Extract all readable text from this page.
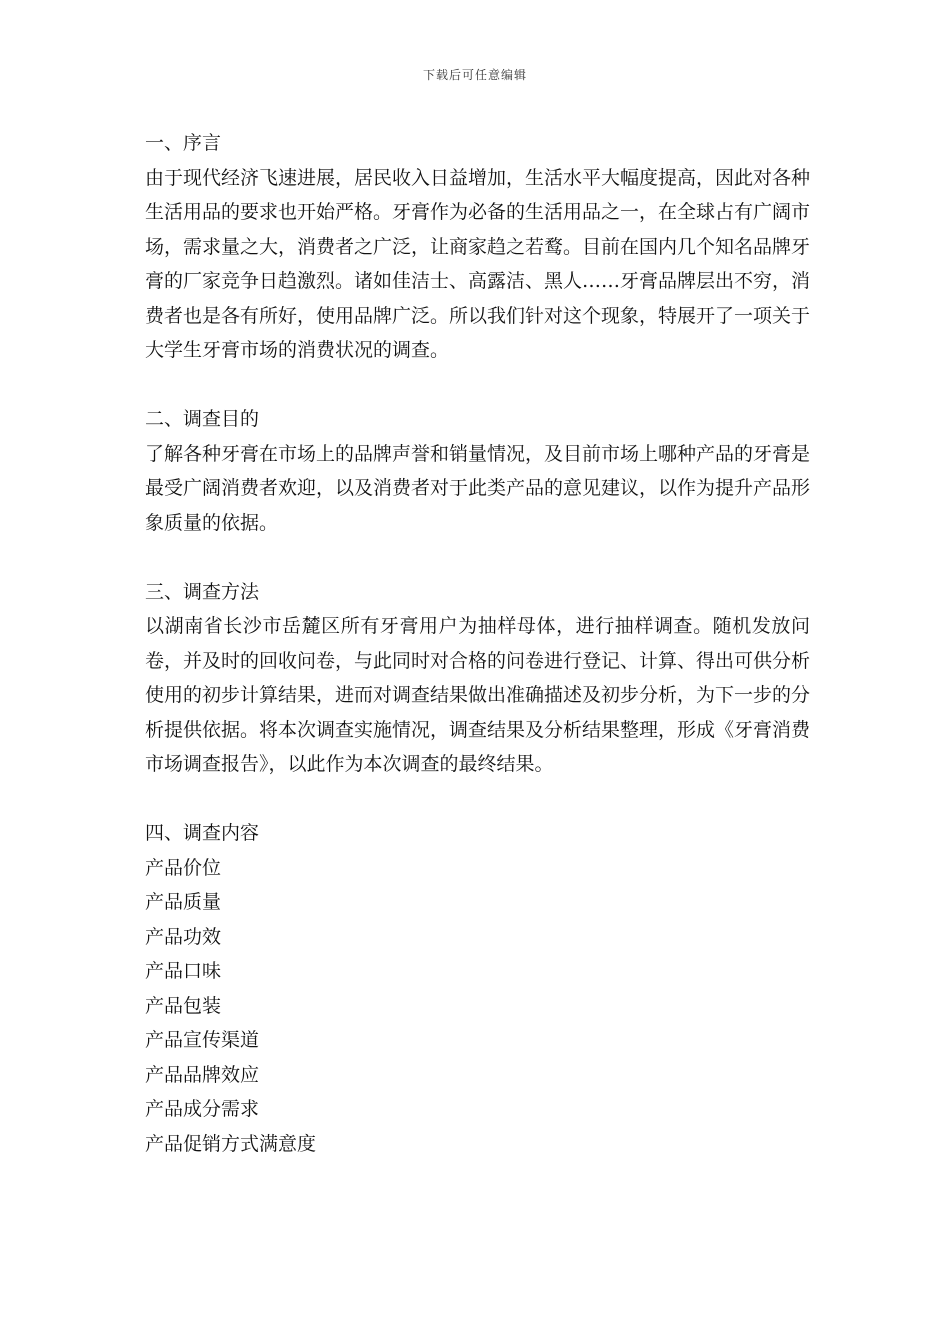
下载后可任意编辑
一、序言

由于现代经济飞速进展，居民收入日益增加，生活水平大幅度提高，因此对各种生活用品的要求也开始严格。牙膏作为必备的生活用品之一，在全球占有广阔市场，需求量之大，消费者之广泛，让商家趋之若鹜。目前在国内几个知名品牌牙膏的厂家竞争日趋激烈。诸如佳洁士、高露洁、黑人……牙膏品牌层出不穷，消费者也是各有所好，使用品牌广泛。所以我们针对这个现象，特展开了一项关于大学生牙膏市场的消费状况的调查。

二、调查目的

了解各种牙膏在市场上的品牌声誉和销量情况，及目前市场上哪种产品的牙膏是最受广阔消费者欢迎，以及消费者对于此类产品的意见建议，以作为提升产品形象质量的依据。

三、调查方法

以湖南省长沙市岳麓区所有牙膏用户为抽样母体，进行抽样调查。随机发放问卷，并及时的回收问卷，与此同时对合格的问卷进行登记、计算、得出可供分析使用的初步计算结果，进而对调查结果做出准确描述及初步分析，为下一步的分析提供依据。将本次调查实施情况，调查结果及分析结果整理，形成《牙膏消费市场调查报告》，以此作为本次调查的最终结果。

四、调查内容
产品价位
产品质量
产品功效
产品口味
产品包装
产品宣传渠道
产品品牌效应
产品成分需求
产品促销方式满意度
